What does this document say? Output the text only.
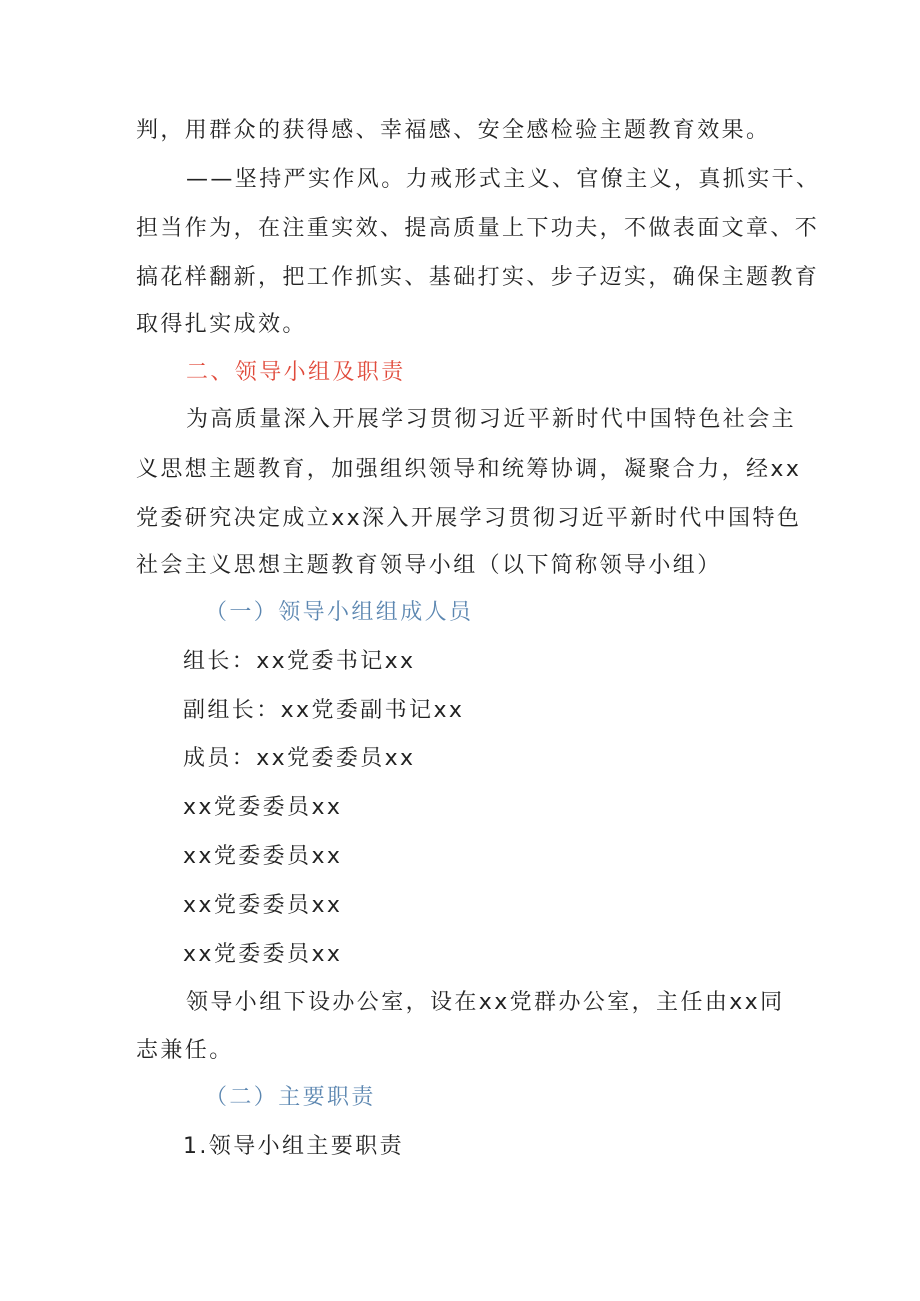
判，用群众的获得感、幸福感、安全感检验主题教育效果。
——坚持严实作风。力戒形式主义、官僚主义，真抓实干、
担当作为，在注重实效、提高质量上下功夫，不做表面文章、不
搞花样翻新，把工作抓实、基础打实、步子迈实，确保主题教育
取得扎实成效。
二、领导小组及职责
为高质量深入开展学习贯彻习近平新时代中国特色社会主
义思想主题教育，加强组织领导和统筹协调，凝聚合力，经xx
党委研究决定成立xx深入开展学习贯彻习近平新时代中国特色
社会主义思想主题教育领导小组（以下简称领导小组）
（一）领导小组组成人员
组长：xx党委书记xx
副组长：xx党委副书记xx
成员：xx党委委员xx
xx党委委员xx
xx党委委员xx
xx党委委员xx
xx党委委员xx
领导小组下设办公室，设在xx党群办公室，主任由xx同
志兼任。
（二）主要职责
1.领导小组主要职责
